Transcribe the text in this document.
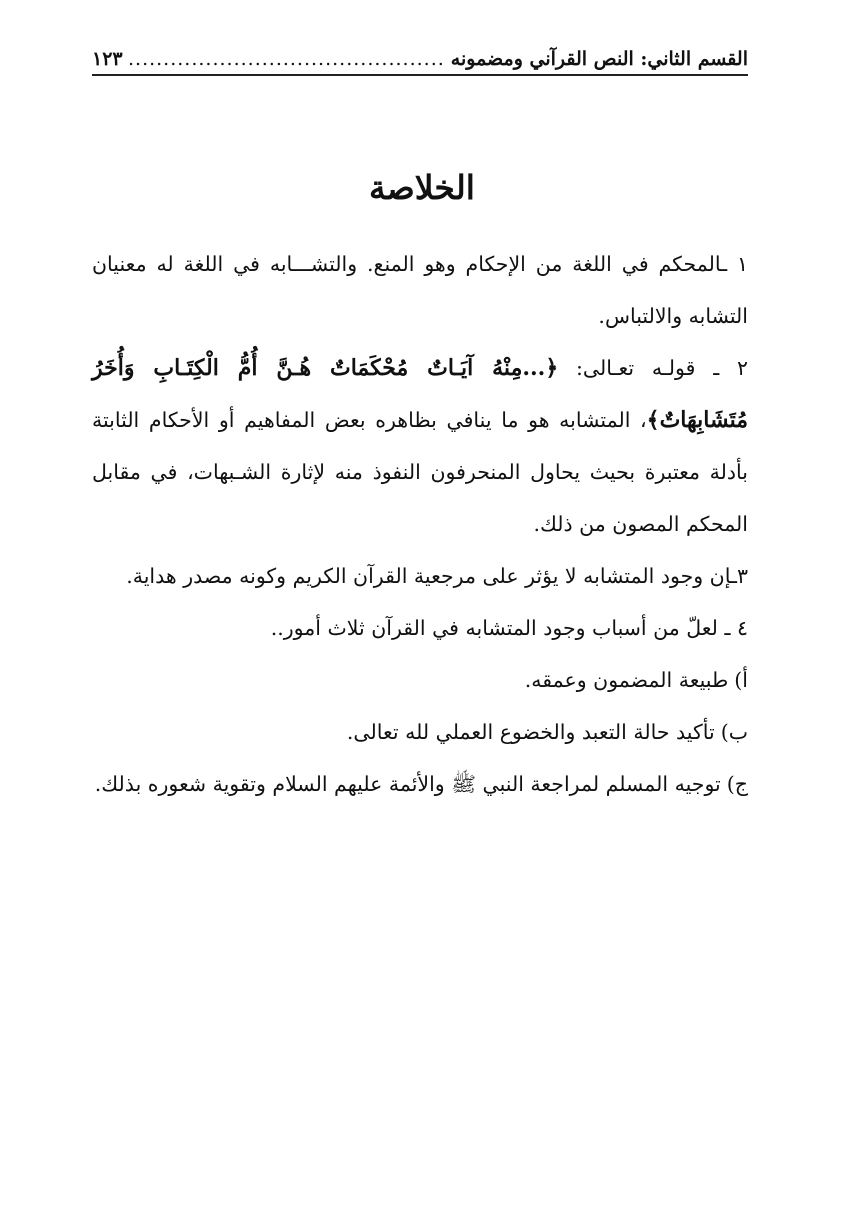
القسم الثاني: النص القرآني ومضمونه
.....
١٢٣
الخلاصة

١ ـالمحكم في اللغة من الإحكام وهو المنع. والتشـــابه في اللغة له معنيان التشابه والالتباس.

٢ ـ قولـه تعـالى: ﴿...مِنْهُ آيَـاتٌ مُحْكَمَاتٌ هُـنَّ أُمُّ الْكِتَـابِ وَأُخَرُ مُتَشَابِهَاتٌ﴾، المتشابه هو ما ينافي بظاهره بعض المفاهيم أو الأحكام الثابتة بأدلة معتبرة بحيث يحاول المنحرفون النفوذ منه لإثارة الشـبهات، في مقابل المحكم المصون من ذلك.

٣ـإن وجود المتشابه لا يؤثر على مرجعية القرآن الكريم وكونه مصدر هداية.

٤ ـ لعلّ من أسباب وجود المتشابه في القرآن ثلاث أمور..

أ)طبيعة المضمون وعمقه.

ب)تأكيد حالة التعبد والخضوع العملي لله تعالى.

ج)توجيه المسلم لمراجعة النبي ﷺ والأئمة عليهم السلام وتقوية شعوره بذلك.
